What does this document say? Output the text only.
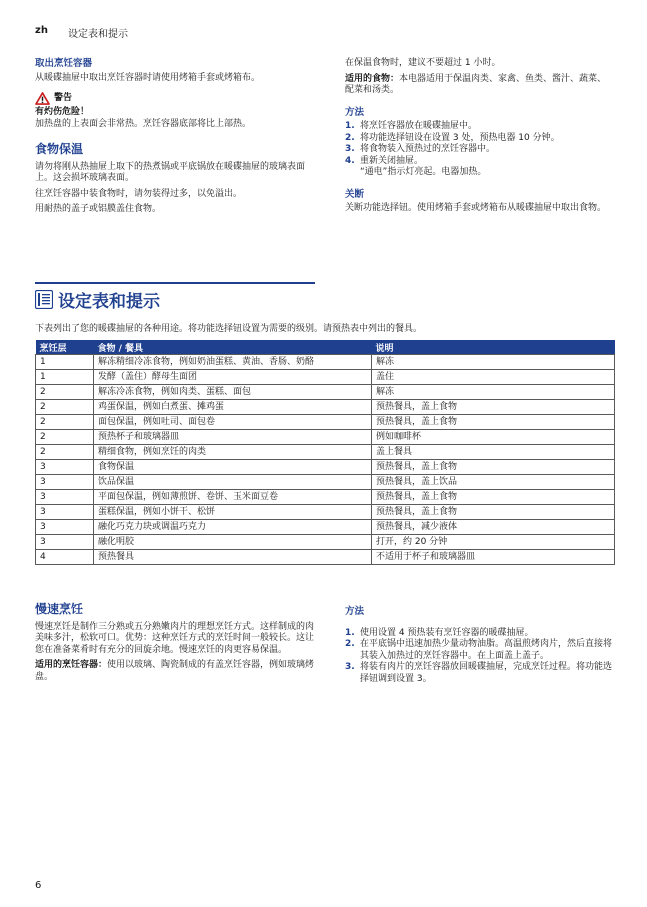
zh	设定表和提示
取出烹饪容器

从暖碟抽屉中取出烹饪容器时请使用烤箱手套或烤箱布。

警告
有灼伤危险！

加热盘的上表面会非常热。烹饪容器底部将比上部热。

食物保温

请勿将刚从热抽屉上取下的热煮锅或平底锅放在暖碟抽屉的玻璃表面上。这会损坏玻璃表面。

往烹饪容器中装食物时，请勿装得过多，以免溢出。

用耐热的盖子或铝膜盖住食物。

在保温食物时，建议不要超过 1 小时。

适用的食物：本电器适用于保温肉类、家禽、鱼类、酱汁、蔬菜、配菜和汤类。

方法
1. 将烹饪容器放在暖碟抽屉中。
2. 将功能选择钮设在设置 3 处，预热电器 10 分钟。
3. 将食物装入预热过的烹饪容器中。
4. 重新关闭抽屉。
“通电”指示灯亮起。电器加热。
关断

关断功能选择钮。使用烤箱手套或烤箱布从暖碟抽屉中取出食物。

设定表和提示
下表列出了您的暖碟抽屉的各种用途。将功能选择钮设置为需要的级别。请预热表中列出的餐具。
烹饪层	食物 / 餐具	说明
1	解冻精细冷冻食物，例如奶油蛋糕、黄油、香肠、奶酪	解冻
1	发酵（盖住）酵母生面团	盖住
2	解冻冷冻食物，例如肉类、蛋糕、面包	解冻
2	鸡蛋保温，例如白煮蛋、摊鸡蛋	预热餐具，盖上食物
2	面包保温，例如吐司、面包卷	预热餐具，盖上食物
2	预热杯子和玻璃器皿	例如咖啡杯
2	精细食物，例如烹饪的肉类	盖上餐具
3	食物保温	预热餐具，盖上食物
3	饮品保温	预热餐具，盖上饮品
3	平面包保温，例如薄煎饼、卷饼、玉米面豆卷	预热餐具，盖上食物
3	蛋糕保温，例如小饼干、松饼	预热餐具，盖上食物
3	融化巧克力块或调温巧克力	预热餐具，减少液体
3	融化明胶	打开，约 20 分钟
4	预热餐具	不适用于杯子和玻璃器皿
慢速烹饪

慢速烹饪是制作三分熟或五分熟嫩肉片的理想烹饪方式。这样制成的肉美味多汁，松软可口。优势：这种烹饪方式的烹饪时间一般较长。这让您在准备菜肴时有充分的回旋余地。慢速烹饪的肉更容易保温。

适用的烹饪容器：使用以玻璃、陶瓷制成的有盖烹饪容器，例如玻璃烤盘。

方法
1. 使用设置 4 预热装有烹饪容器的暖碟抽屉。
2. 在平底锅中迅速加热少量动物油脂。高温煎烤肉片，然后直接将其装入加热过的烹饪容器中。在上面盖上盖子。
3. 将装有肉片的烹饪容器放回暖碟抽屉，完成烹饪过程。将功能选择钮调到设置 3。
6
